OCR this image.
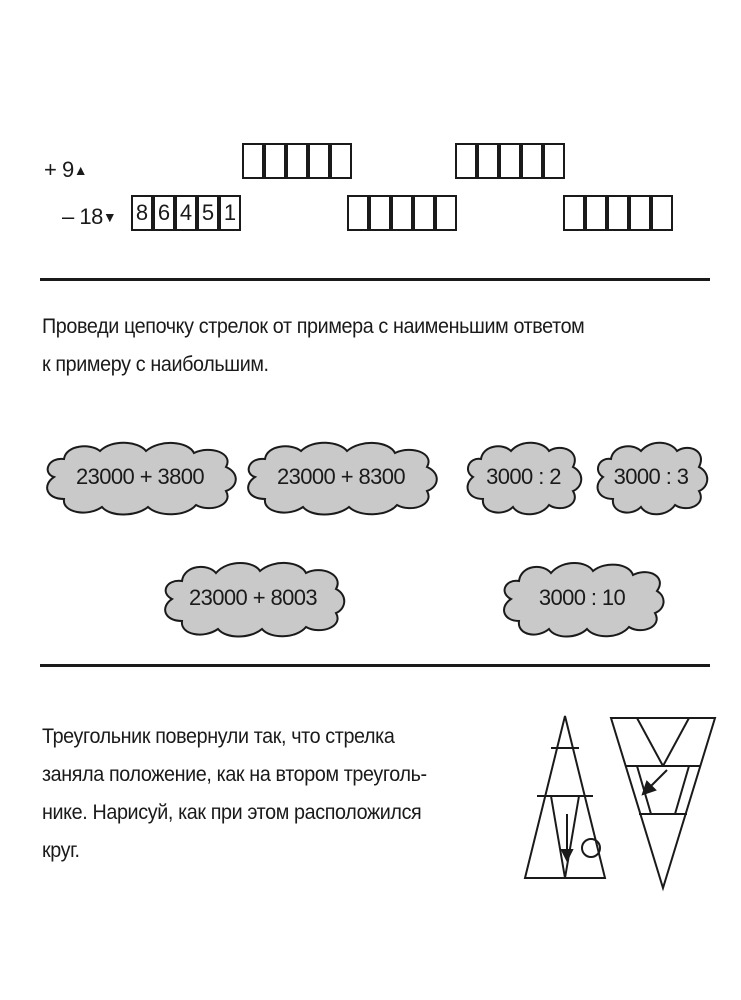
+ 9▲
– 18▼ 8 6 4 5 1
Проведи цепочку стрелок от примера с наименьшим ответом
к примеру с наибольшим.
23000 + 3800	23000 + 8300	3000 : 2	3000 : 3
23000 + 8003	3000 : 10
Треугольник повернули так, что стрелка
заняла положение, как на втором треуголь-
нике. Нарисуй, как при этом расположился
круг.
